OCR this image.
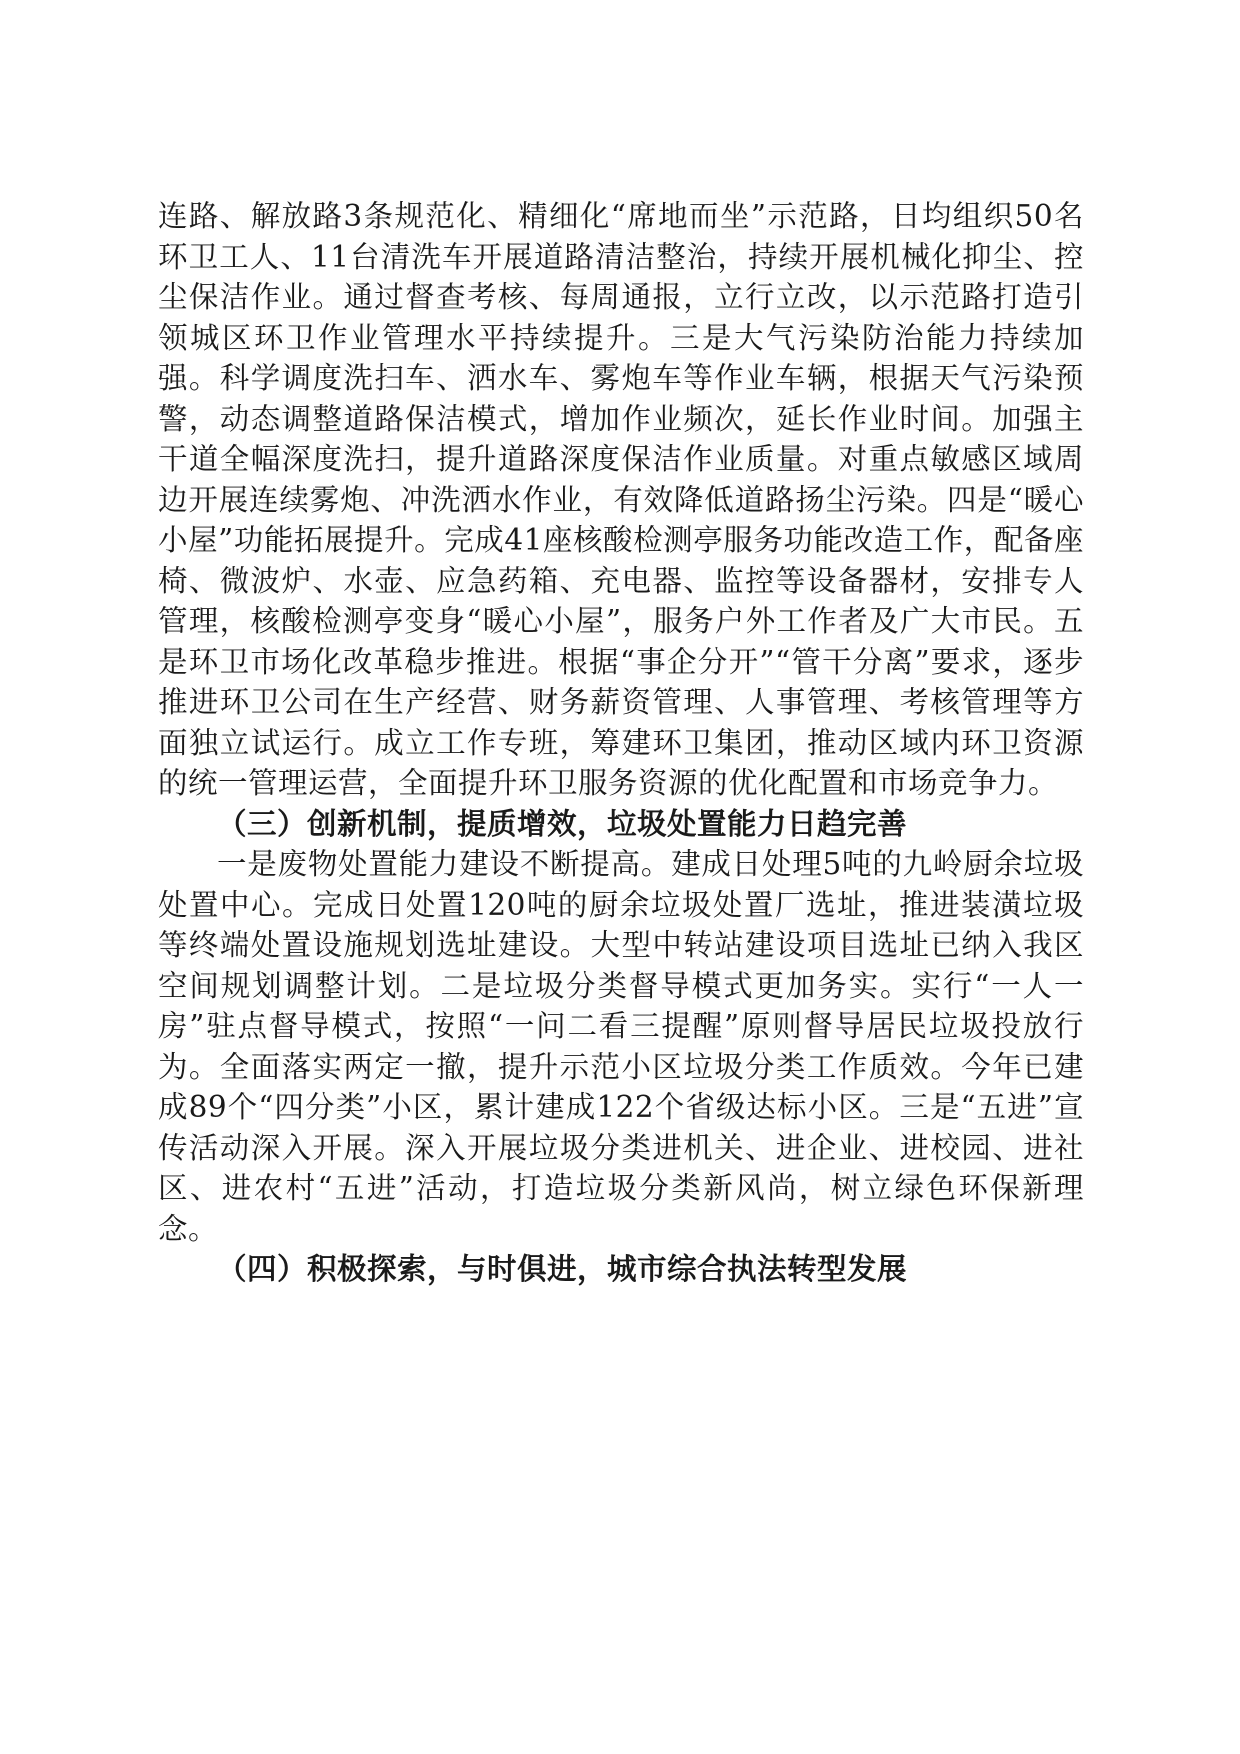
连路、解放路3条规范化、精细化“席地而坐”示范路，日均组织50名环卫工人、11台清洗车开展道路清洁整治，持续开展机械化抑尘、控尘保洁作业。通过督查考核、每周通报，立行立改，以示范路打造引领城区环卫作业管理水平持续提升。三是大气污染防治能力持续加强。科学调度洗扫车、洒水车、雾炮车等作业车辆，根据天气污染预警，动态调整道路保洁模式，增加作业频次，延长作业时间。加强主干道全幅深度洗扫，提升道路深度保洁作业质量。对重点敏感区域周边开展连续雾炮、冲洗洒水作业，有效降低道路扬尘污染。四是“暖心小屋”功能拓展提升。完成41座核酸检测亭服务功能改造工作，配备座椅、微波炉、水壶、应急药箱、充电器、监控等设备器材，安排专人管理，核酸检测亭变身“暖心小屋”，服务户外工作者及广大市民。五是环卫市场化改革稳步推进。根据“事企分开”“管干分离”要求，逐步推进环卫公司在生产经营、财务薪资管理、人事管理、考核管理等方面独立试运行。成立工作专班，筹建环卫集团，推动区域内环卫资源的统一管理运营，全面提升环卫服务资源的优化配置和市场竞争力。

（三）创新机制，提质增效，垃圾处置能力日趋完善

一是废物处置能力建设不断提高。建成日处理5吨的九岭厨余垃圾处置中心。完成日处置120吨的厨余垃圾处置厂选址，推进装潢垃圾等终端处置设施规划选址建设。大型中转站建设项目选址已纳入我区空间规划调整计划。二是垃圾分类督导模式更加务实。实行“一人一房”驻点督导模式，按照“一问二看三提醒”原则督导居民垃圾投放行为。全面落实两定一撤，提升示范小区垃圾分类工作质效。今年已建成89个“四分类”小区，累计建成122个省级达标小区。三是“五进”宣传活动深入开展。深入开展垃圾分类进机关、进企业、进校园、进社区、进农村“五进”活动，打造垃圾分类新风尚，树立绿色环保新理念。

（四）积极探索，与时俱进，城市综合执法转型发展
